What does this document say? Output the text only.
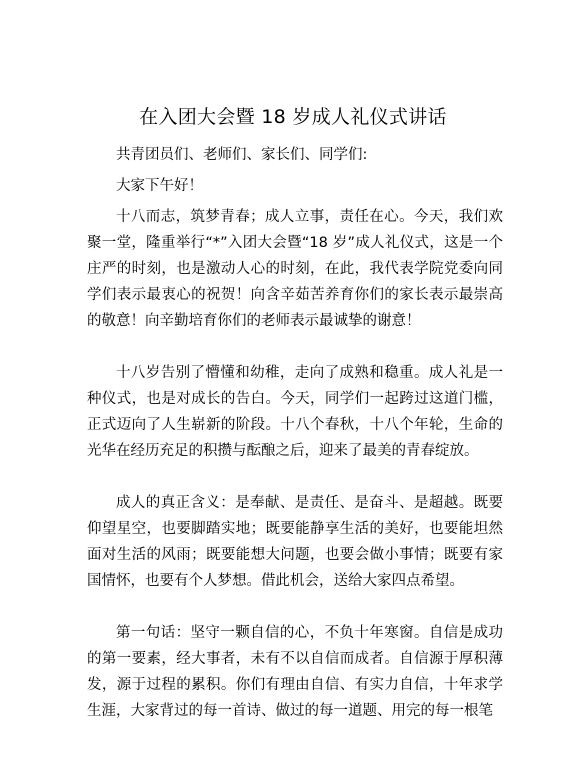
在入团大会暨 18 岁成人礼仪式讲话

共青团员们、老师们、家长们、同学们:

大家下午好！

十八而志，筑梦青春；成人立事，责任在心。今天，我们欢聚一堂，隆重举行“*”入团大会暨“18 岁”成人礼仪式，这是一个庄严的时刻，也是激动人心的时刻，在此，我代表学院党委向同学们表示最衷心的祝贺！向含辛茹苦养育你们的家长表示最崇高的敬意！向辛勤培育你们的老师表示最诚挚的谢意！

十八岁告别了懵懂和幼稚，走向了成熟和稳重。成人礼是一种仪式，也是对成长的告白。今天，同学们一起跨过这道门槛，正式迈向了人生崭新的阶段。十八个春秋，十八个年轮，生命的光华在经历充足的积攒与酝酿之后，迎来了最美的青春绽放。

成人的真正含义：是奉献、是责任、是奋斗、是超越。既要仰望星空，也要脚踏实地；既要能静享生活的美好，也要能坦然面对生活的风雨；既要能想大问题，也要会做小事情；既要有家国情怀，也要有个人梦想。借此机会，送给大家四点希望。

第一句话：坚守一颗自信的心，不负十年寒窗。自信是成功的第一要素，经大事者，未有不以自信而成者。自信源于厚积薄发，源于过程的累积。你们有理由自信、有实力自信，十年求学生涯，大家背过的每一首诗、做过的每一道题、用完的每一根笔
